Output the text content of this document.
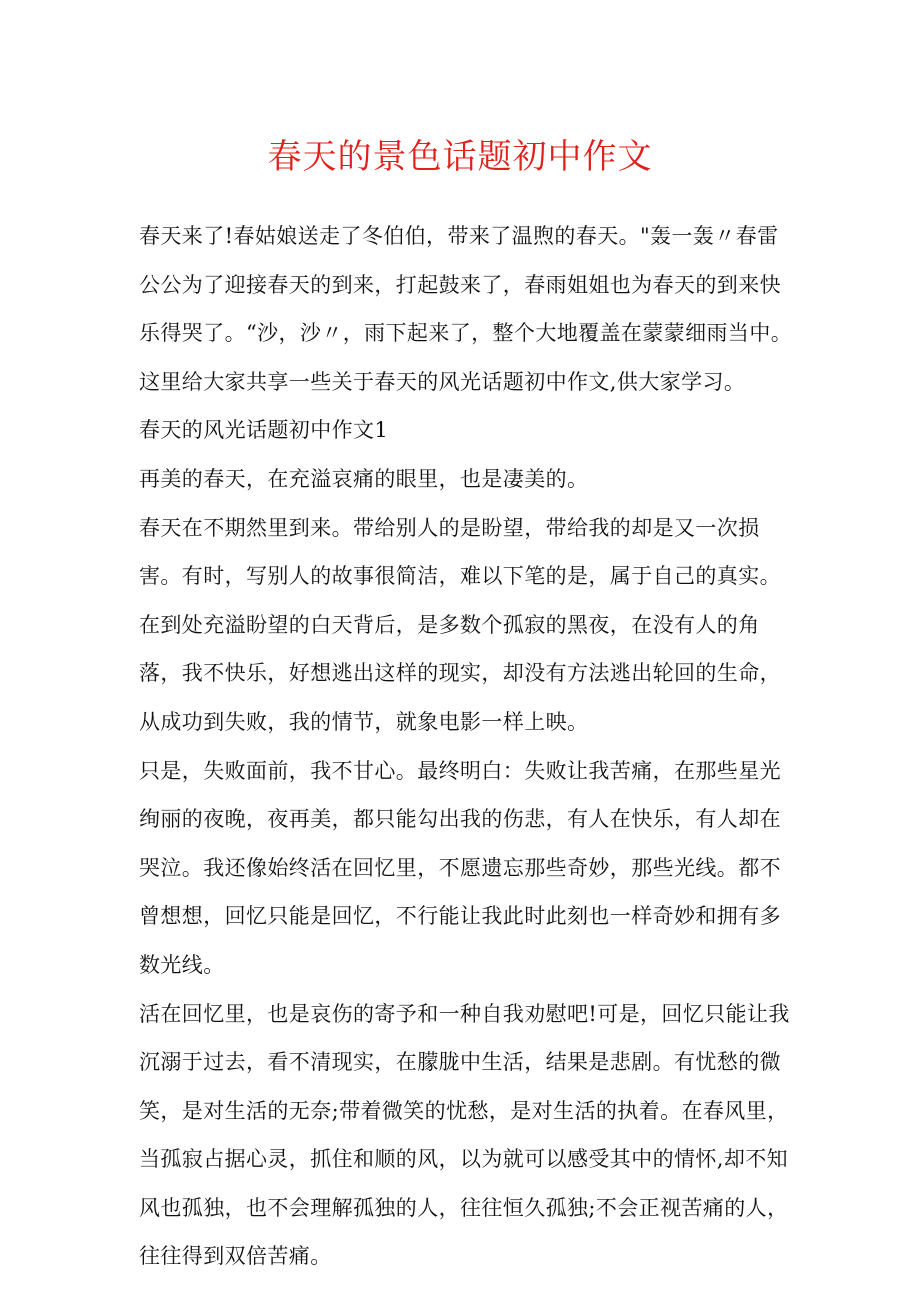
春天的景色话题初中作文

春天来了!春姑娘送走了冬伯伯，带来了温煦的春天。"轰一轰〃春雷公公为了迎接春天的到来，打起鼓来了，春雨姐姐也为春天的到来快乐得哭了。“沙，沙〃，雨下起来了，整个大地覆盖在蒙蒙细雨当中。这里给大家共享一些关于春天的风光话题初中作文,供大家学习。

春天的风光话题初中作文1

再美的春天，在充溢哀痛的眼里，也是凄美的。

春天在不期然里到来。带给别人的是盼望，带给我的却是又一次损害。有时，写别人的故事很简洁，难以下笔的是，属于自己的真实。在到处充溢盼望的白天背后，是多数个孤寂的黑夜，在没有人的角落，我不快乐，好想逃出这样的现实，却没有方法逃出轮回的生命，从成功到失败，我的情节，就象电影一样上映。

只是，失败面前，我不甘心。最终明白：失败让我苦痛，在那些星光绚丽的夜晚，夜再美，都只能勾出我的伤悲，有人在快乐，有人却在哭泣。我还像始终活在回忆里，不愿遗忘那些奇妙，那些光线。都不曾想想，回忆只能是回忆，不行能让我此时此刻也一样奇妙和拥有多数光线。

活在回忆里，也是哀伤的寄予和一种自我劝慰吧!可是，回忆只能让我沉溺于过去，看不清现实，在朦胧中生活，结果是悲剧。有忧愁的微笑，是对生活的无奈;带着微笑的忧愁，是对生活的执着。在春风里，当孤寂占据心灵，抓住和顺的风，以为就可以感受其中的情怀,却不知风也孤独，也不会理解孤独的人，往往恒久孤独;不会正视苦痛的人，往往得到双倍苦痛。
